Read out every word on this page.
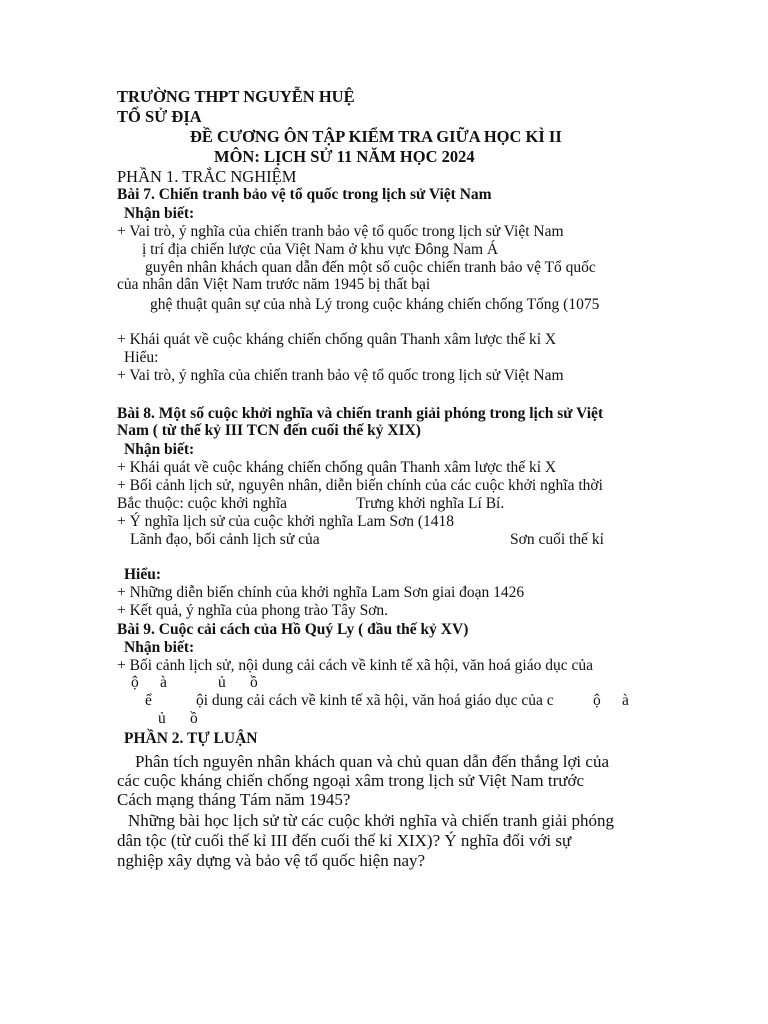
TRƯỜNG THPT NGUYỄN HUỆ
TỔ SỬ ĐỊA
ĐỀ CƯƠNG ÔN TẬP KIỂM TRA GIỮA HỌC KÌ II
MÔN: LỊCH SỬ 11 NĂM HỌC 2024
PHẦN 1. TRẮC NGHIỆM
Bài 7. Chiến tranh bảo vệ tổ quốc trong lịch sử Việt Nam
Nhận biết:
+ Vai trò, ý nghĩa của chiến tranh bảo vệ tổ quốc trong lịch sử Việt Nam
ị trí địa chiến lược của Việt Nam ở khu vực Đông Nam Á
guyên nhân khách quan dẫn đến một số cuộc chiến tranh bảo vệ Tổ quốc
của nhân dân Việt Nam trước năm 1945 bị thất bại
ghệ thuật quân sự của nhà Lý trong cuộc kháng chiến chống Tống (1075
+ Khái quát về cuộc kháng chiến chống quân Thanh xâm lược thế kỉ X
Hiểu:
+ Vai trò, ý nghĩa của chiến tranh bảo vệ tổ quốc trong lịch sử Việt Nam
Bài 8. Một số cuộc khởi nghĩa và chiến tranh giải phóng trong lịch sử Việt
Nam ( từ thế kỷ III TCN đến cuối thế kỷ XIX)
Nhận biết:
+ Khái quát về cuộc kháng chiến chống quân Thanh xâm lược thế kỉ X
+ Bối cảnh lịch sử, nguyên nhân, diễn biến chính của các cuộc khởi nghĩa thời
Bắc thuộc: cuộc khởi nghĩa	Trưng khởi nghĩa Lí Bí.
+ Ý nghĩa lịch sử của cuộc khởi nghĩa Lam Sơn (1418
Lãnh đạo, bối cảnh lịch sử của	Sơn cuối thế kỉ
Hiểu:
+ Những diễn biến chính của khởi nghĩa Lam Sơn giai đoạn 1426
+ Kết quả, ý nghĩa của phong trào Tây Sơn.
Bài 9. Cuộc cải cách của Hồ Quý Ly ( đầu thế kỷ XV)
Nhận biết:
+ Bối cảnh lịch sử, nội dung cải cách về kinh tế xã hội, văn hoá giáo dục của
ộ à	ủ ồ
ể	ội dung cải cách về kinh tế xã hội, văn hoá giáo dục của c	ộ à
ủ ồ
PHẦN 2. TỰ LUẬN
Phân tích nguyên nhân khách quan và chủ quan dẫn đến thắng lợi của
các cuộc kháng chiến chống ngoại xâm trong lịch sử Việt Nam trước
Cách mạng tháng Tám năm 1945?
Những bài học lịch sử từ các cuộc khởi nghĩa và chiến tranh giải phóng
dân tộc (từ cuối thế kỉ III đến cuối thế kỉ XIX)? Ý nghĩa đối với sự
nghiệp xây dựng và bảo vệ tổ quốc hiện nay?
